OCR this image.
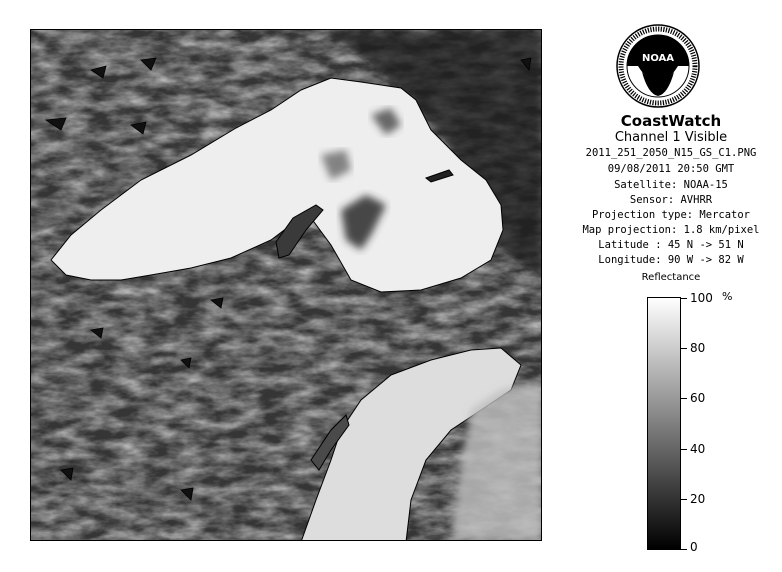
NOAA
CoastWatch
Channel 1 Visible
2011_251_2050_N15_GS_C1.PNG
09/08/2011 20:50 GMT
Satellite: NOAA-15
Sensor: AVHRR
Projection type: Mercator
Map projection: 1.8 km/pixel
Latitude : 45 N -> 51 N
Longitude: 90 W -> 82 W
Reflectance
%
100
80
60
40
20
0
